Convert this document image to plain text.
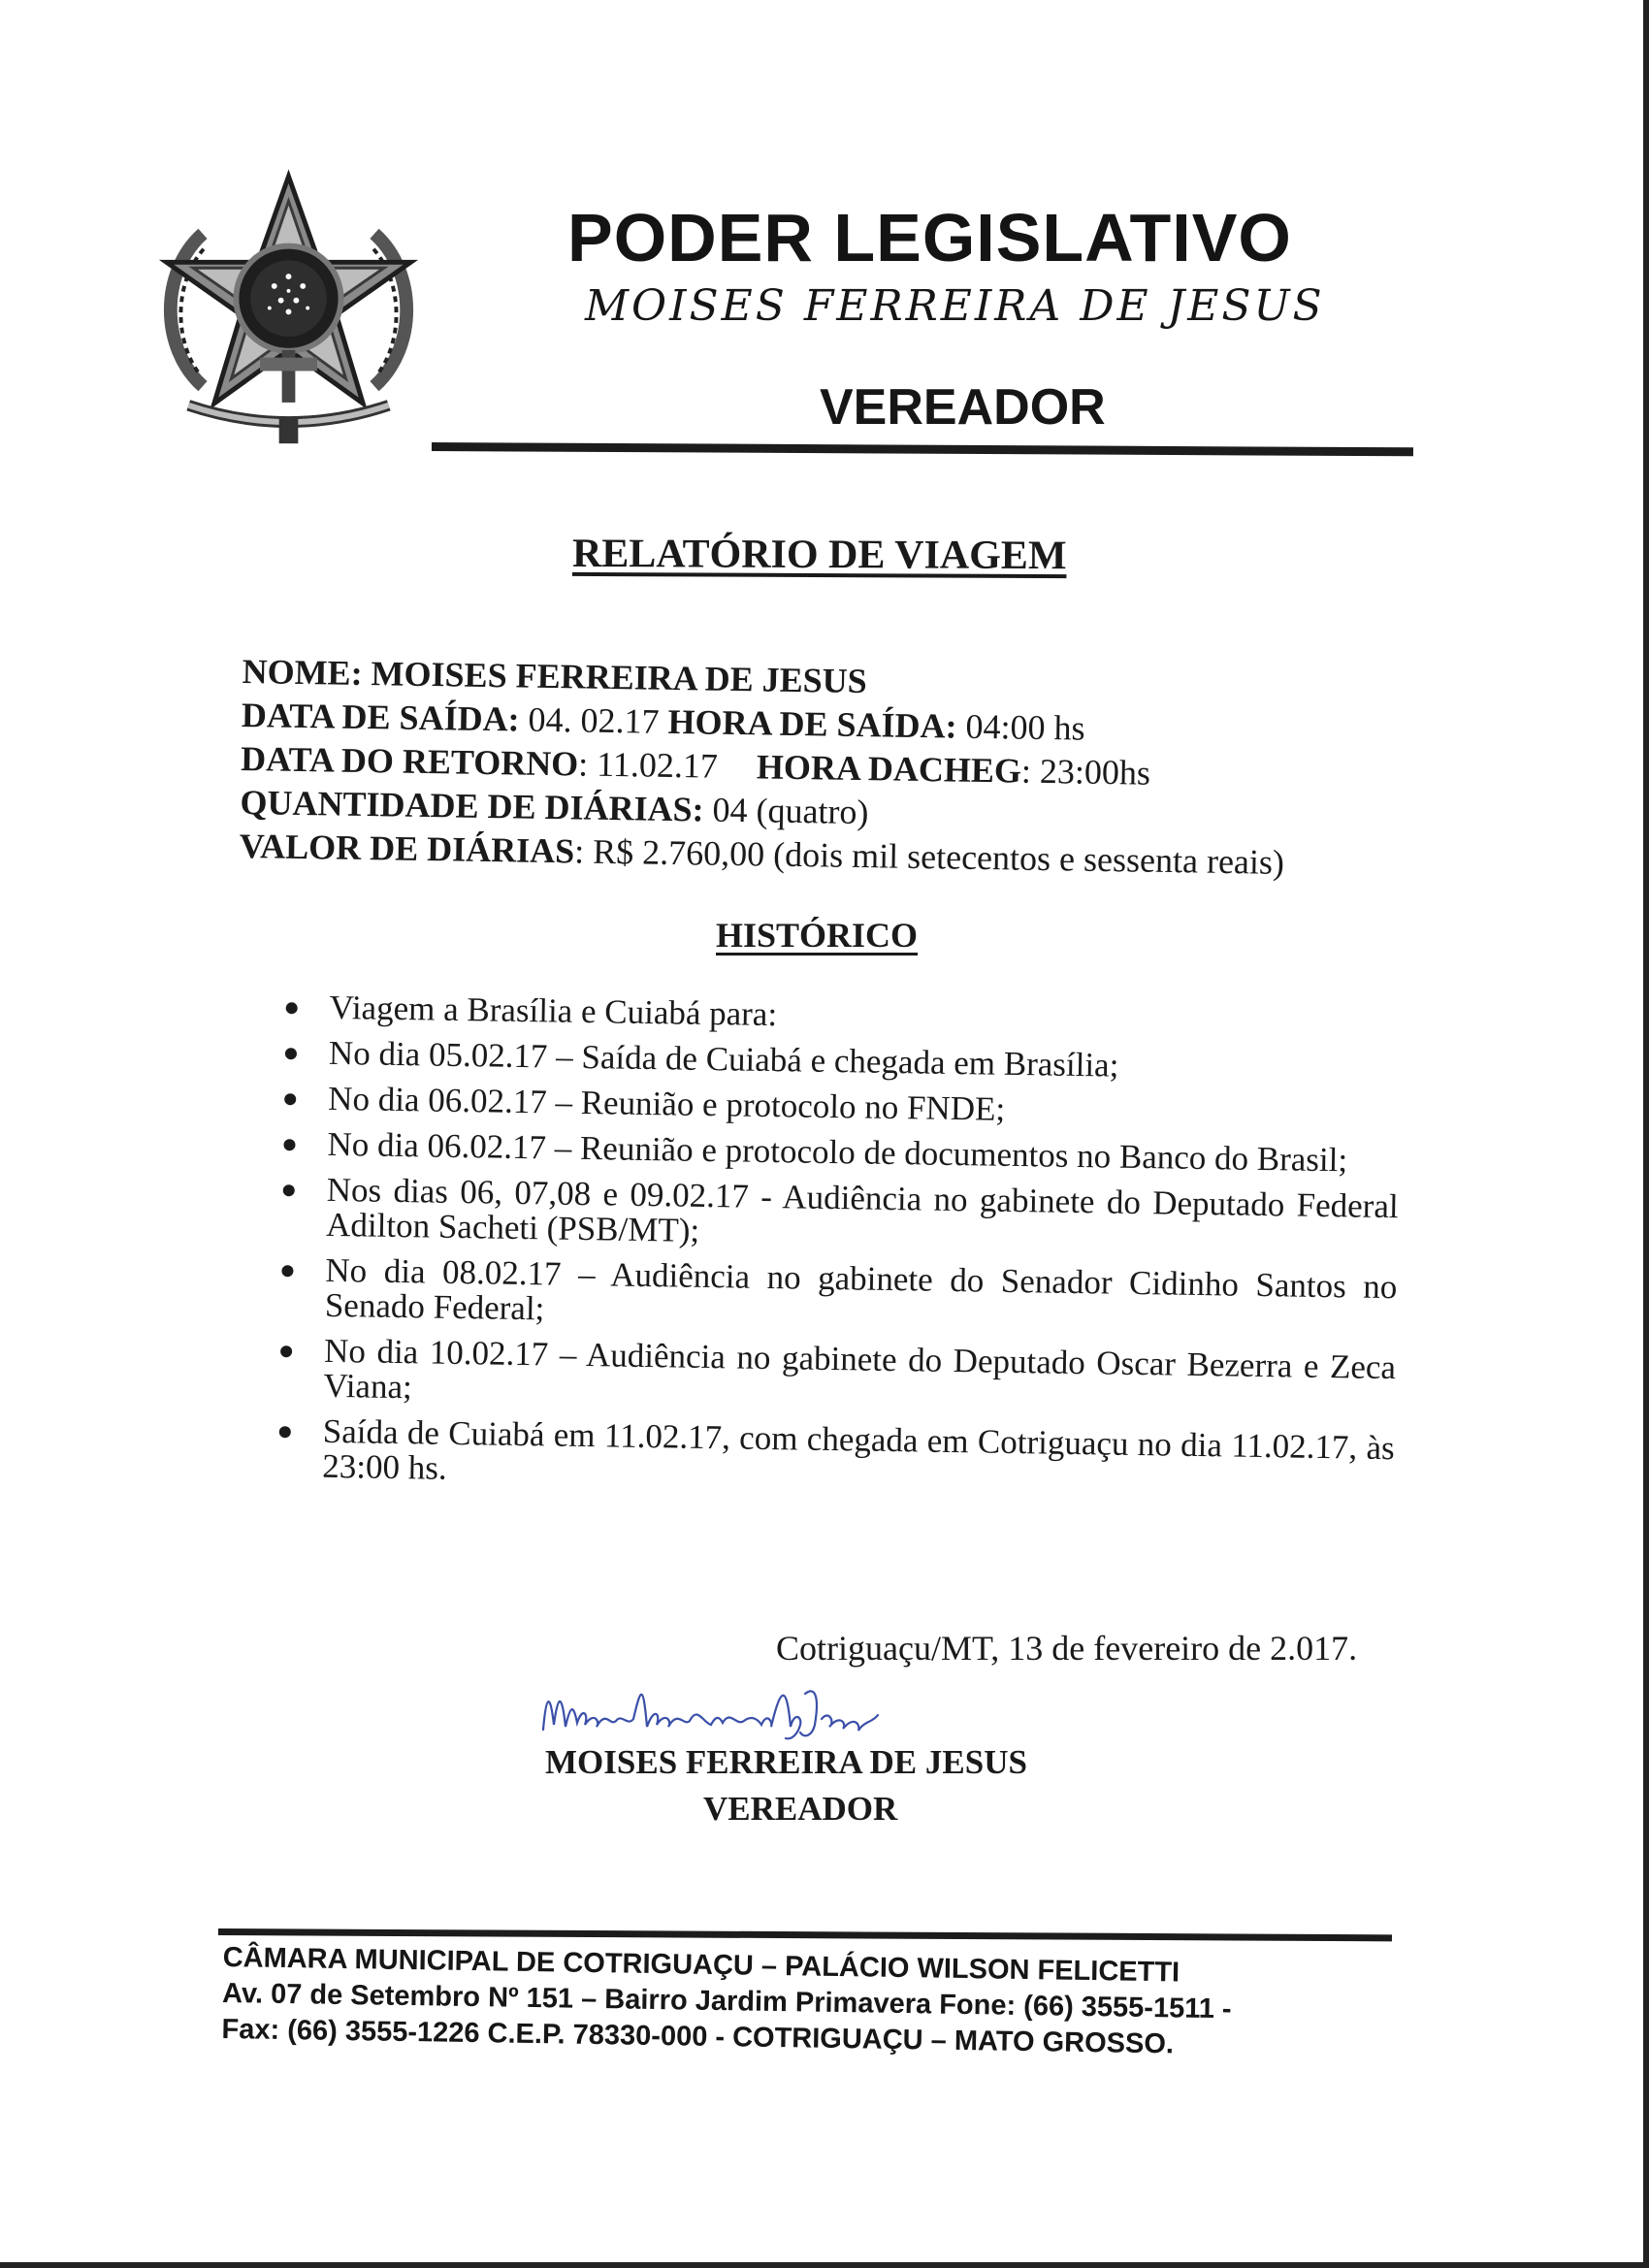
PODER LEGISLATIVO
MOISES FERREIRA DE JESUS
VEREADOR
RELATÓRIO DE VIAGEM
NOME: MOISES FERREIRA DE JESUS
DATA DE SAÍDA: 04. 02.17 HORA DE SAÍDA: 04:00 hs
DATA DO RETORNO: 11.02.17 HORA DACHEG: 23:00hs
QUANTIDADE DE DIÁRIAS: 04 (quatro)
VALOR DE DIÁRIAS: R$ 2.760,00 (dois mil setecentos e sessenta reais)
HISTÓRICO
Viagem a Brasília e Cuiabá para:
No dia 05.02.17 – Saída de Cuiabá e chegada em Brasília;
No dia 06.02.17 – Reunião e protocolo no FNDE;
No dia 06.02.17 – Reunião e protocolo de documentos no Banco do Brasil;
Nos dias 06, 07,08 e 09.02.17 - Audiência no gabinete do Deputado Federal Adilton Sacheti (PSB/MT);
No dia 08.02.17 – Audiência no gabinete do Senador Cidinho Santos no Senado Federal;
No dia 10.02.17 – Audiência no gabinete do Deputado Oscar Bezerra e Zeca Viana;
Saída de Cuiabá em 11.02.17, com chegada em Cotriguaçu no dia 11.02.17, às 23:00 hs.
Cotriguaçu/MT, 13 de fevereiro de 2.017.
MOISES FERREIRA DE JESUS
VEREADOR
CÂMARA MUNICIPAL DE COTRIGUAÇU – PALÁCIO WILSON FELICETTI
Av. 07 de Setembro Nº 151 – Bairro Jardim Primavera Fone: (66) 3555-1511 -
Fax: (66) 3555-1226 C.E.P. 78330-000 - COTRIGUAÇU – MATO GROSSO.
